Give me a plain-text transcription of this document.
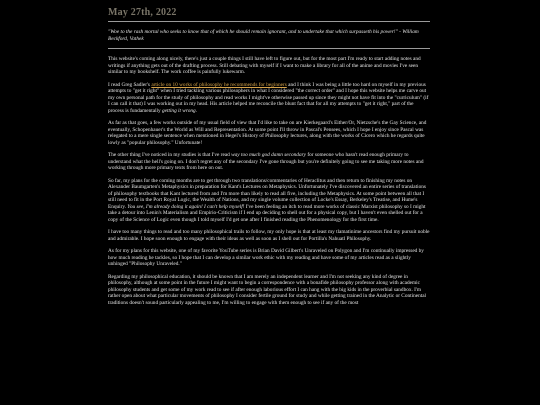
May 27th, 2022

"Woe to the rash mortal who seeks to know that of which he should remain ignorant, and to undertake that which surpasseth his power!" - William Beckford, Vathek

This website's coming along nicely, there's just a couple things I still have left to figure out, but for the most part I'm ready to start adding notes and writings if anything gets out of the drafting process. Still debating with myself if I want to make a library for all of the anime and movies I've seen similar to my bookshelf. The work coffee is painfully lukewarm.

I read Greg Sadler's article on 10 works of philosophy he recommends for beginners and I think I was being a little too hard on myself in my previous attempts to "get it right" when I tried tackling various philosophers in what I considered "the correct order" and I hope this website helps me carve out my own personal path for the study of philosophy and read works I might've otherwise passed up since they might not have fit into the "curriculum" (if I can call it that) I was working out in my head. His article helped me reconcile the blunt fact that for all my attempts to "get it right," part of the process is fundamentally getting it wrong.

As far as that goes, a few works outside of my usual field of view that I'd like to take on are Kierkegaard's Either/Or, Nietzsche's the Gay Science, and eventually, Schopenhauer's the World as Will and Representation. At some point I'll throw in Pascal's Pensees, which I hope I enjoy since Pascal was relegated to a mere single sentence when mentioned in Hegel's History of Philosophy lectures, along with the works of Cicero which he regards quite lowly as "popular philosophy." Unfortunate!

The other thing I've noticed in my studies is that I've read way too much god damn secondary for someone who hasn't read enough primary to understand what the hell's going on. I don't regret any of the secondary I've gone through but you're definitely going to see me taking more notes and working through more primary texts from here on out.

So far, my plans for the coming months are to get through two translations/commentaries of Heraclitus and then return to finishing my notes on Alexander Baumgarten's Metaphysics in preparation for Kant's Lectures on Metaphysics. Unfortunately I've discovered an entire series of translations of philosophy textbooks that Kant lectured from and I'm more than likely to read all five, including the Metaphysics. At some point between all that I still need to fit in the Port Royal Logic, the Wealth of Nations, and my single volume collection of Locke's Essay, Berkeley's Treatise, and Hume's Enquiry. You see, I'm already doing it again! I can't help myself! I've been feeling an itch to read more works of classic Marxist philosophy so I might take a detour into Lenin's Materialism and Empirio-Criticism if I end up deciding to shell out for a physical copy, but I haven't even shelled out for a copy of the Science of Logic even though I told myself I'd get one after I finished reading the Phenomenology for the first time.

I have too many things to read and too many philosophical trails to follow, my only hope is that at least my tlamatinime ancestors find my pursuit noble and admirable. I hope soon enough to engage with their ideas as well as soon as I shell out for Portilla's Nahuatl Philosophy.

As for my plans for this website, one of my favorite YouTube series is Brian David Gilbert's Unraveled on Polygon and I'm continually impressed by how much reading he tackles, so I hope that I can develop a similar work ethic with my reading and have some of my articles read as a slightly unhinged "Philosophy Unraveled."

Regarding my philosophical education, it should be known that I am merely an independent learner and I'm not seeking any kind of degree in philosophy, although at some point in the future I might want to begin a correspondence with a bonafide philosophy professor along with academic philosophy students and get some of my work read to see if after enough laborious effort I can hang with the big kids in the proverbial sandbox. I'm rather open about what particular movements of philosophy I consider fertile ground for study and while getting trained in the Analytic or Continental traditions doesn't sound particularly appealing to me, I'm willing to engage with them enough to see if any of the most
